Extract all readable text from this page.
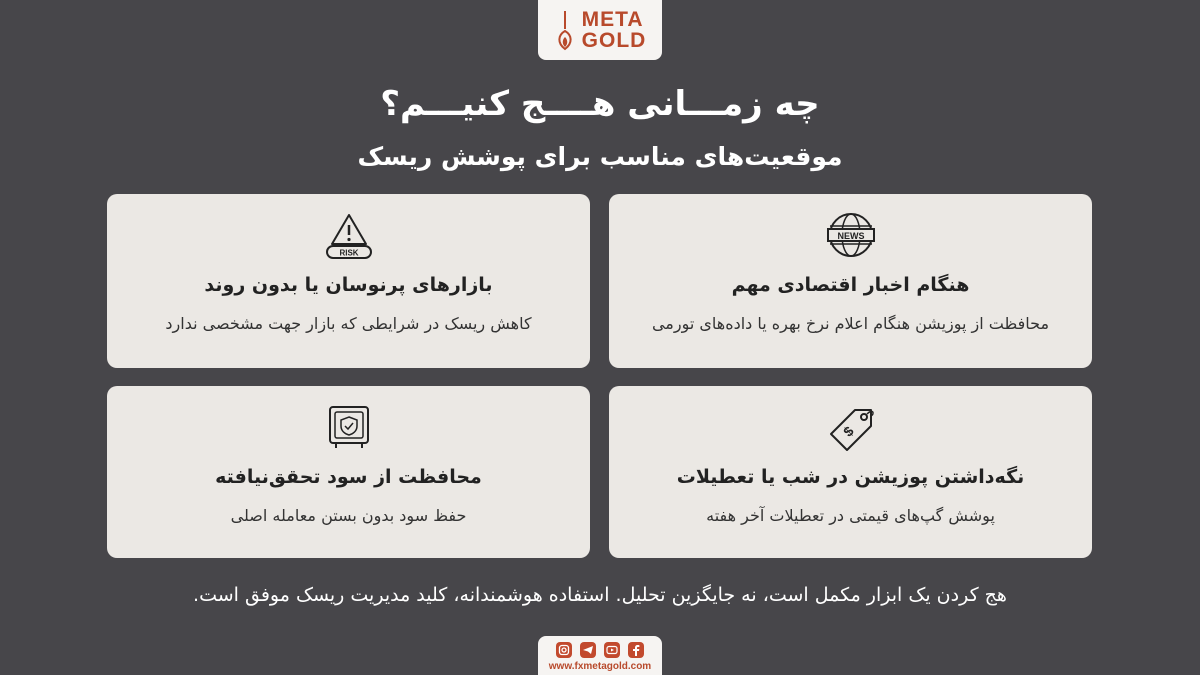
META
GOLD
چه زمـــانی هــــج کنیـــم؟
موقعیت‌های مناسب برای پوشش ریسک
NEWS
هنگام اخبار اقتصادی مهم
محافظت از پوزیشن هنگام اعلام نرخ بهره یا داده‌های تورمی
RISK
بازارهای پرنوسان یا بدون روند
کاهش ریسک در شرایطی که بازار جهت مشخصی ندارد
$
نگه‌داشتن پوزیشن در شب یا تعطیلات
پوشش گپ‌های قیمتی در تعطیلات آخر هفته
محافظت از سود تحقق‌نیافته
حفظ سود بدون بستن معامله اصلی
هج کردن یک ابزار مکمل است، نه جایگزین تحلیل. استفاده هوشمندانه، کلید مدیریت ریسک موفق است.
www.fxmetagold.com
